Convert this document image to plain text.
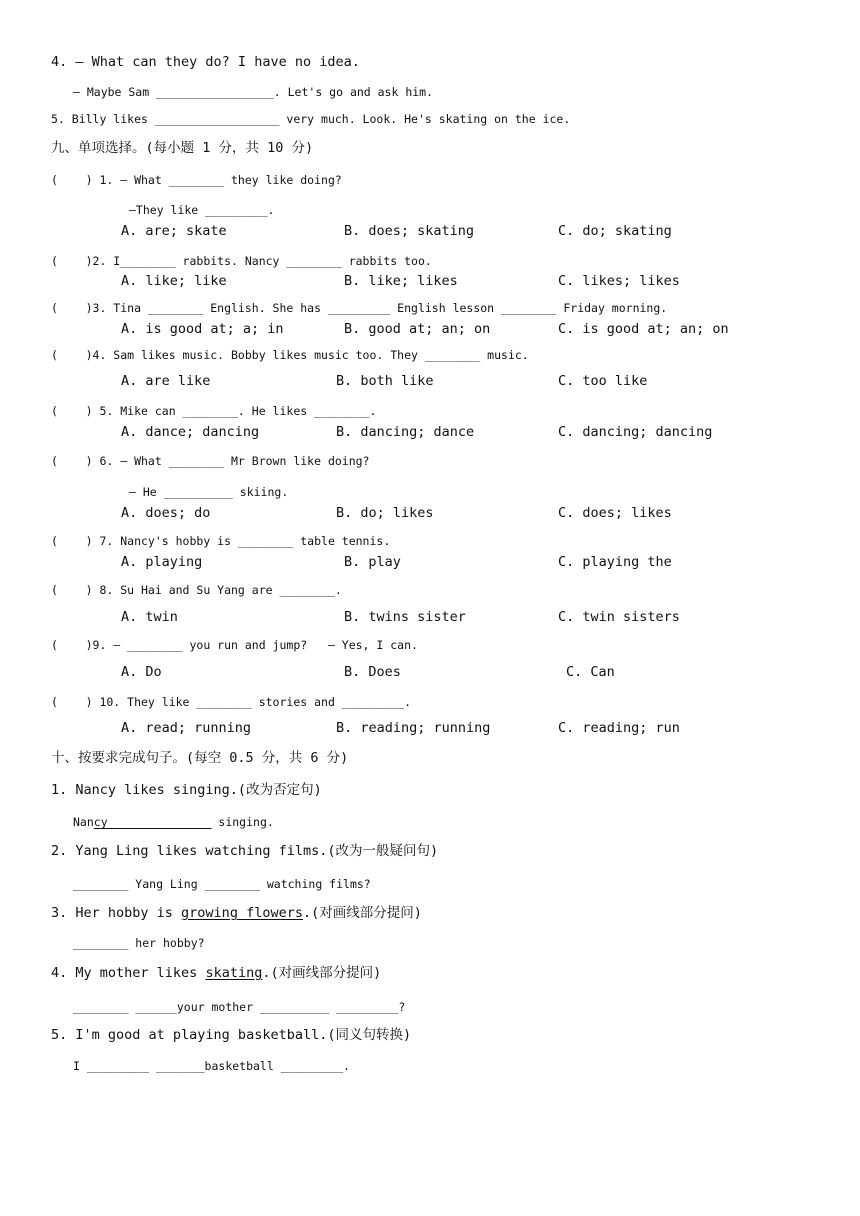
4. — What can they do? I have no idea.
— Maybe Sam _________________. Let's go and ask him.
5. Billy likes __________________ very much. Look. He's skating on the ice.
九、单项选择。(每小题 1 分，共 10 分)
(    ) 1. — What ________ they like doing?
—They like _________.
A. are; skate	B. does; skating	C. do; skating
(    )2. I________ rabbits. Nancy ________ rabbits too.
A. like; like	B. like; likes	C. likes; likes
(    )3. Tina ________ English. She has _________ English lesson ________ Friday morning.
A. is good at; a; in	B. good at; an; on	C. is good at; an; on
(    )4. Sam likes music. Bobby likes music too. They ________ music.
A. are like	B. both like	C. too like
(    ) 5. Mike can ________. He likes ________.
A. dance; dancing	B. dancing; dance	C. dancing; dancing
(    ) 6. — What ________ Mr Brown like doing?
— He __________ skiing.
A. does; do	B. do; likes	C. does; likes
(    ) 7. Nancy's hobby is ________ table tennis.
A. playing	B. play	C. playing the
(    ) 8. Su Hai and Su Yang are ________.
A. twin	B. twins sister	C. twin sisters
(    )9. — ________ you run and jump?   — Yes, I can.
A. Do	B. Does	C. Can
(    ) 10. They like ________ stories and _________.
A. read; running	B. reading; running	C. reading; run
十、按要求完成句子。(每空 0.5 分，共 6 分)
1. Nancy likes singing.(改为否定句)
Nancy_______________ singing.
2. Yang Ling likes watching films.(改为一般疑问句)
________ Yang Ling ________ watching films?
3. Her hobby is growing flowers.(对画线部分提问)
________ her hobby?
4. My mother likes skating.(对画线部分提问)
________ ______your mother __________ _________?
5. I'm good at playing basketball.(同义句转换)
I _________ _______basketball _________.
